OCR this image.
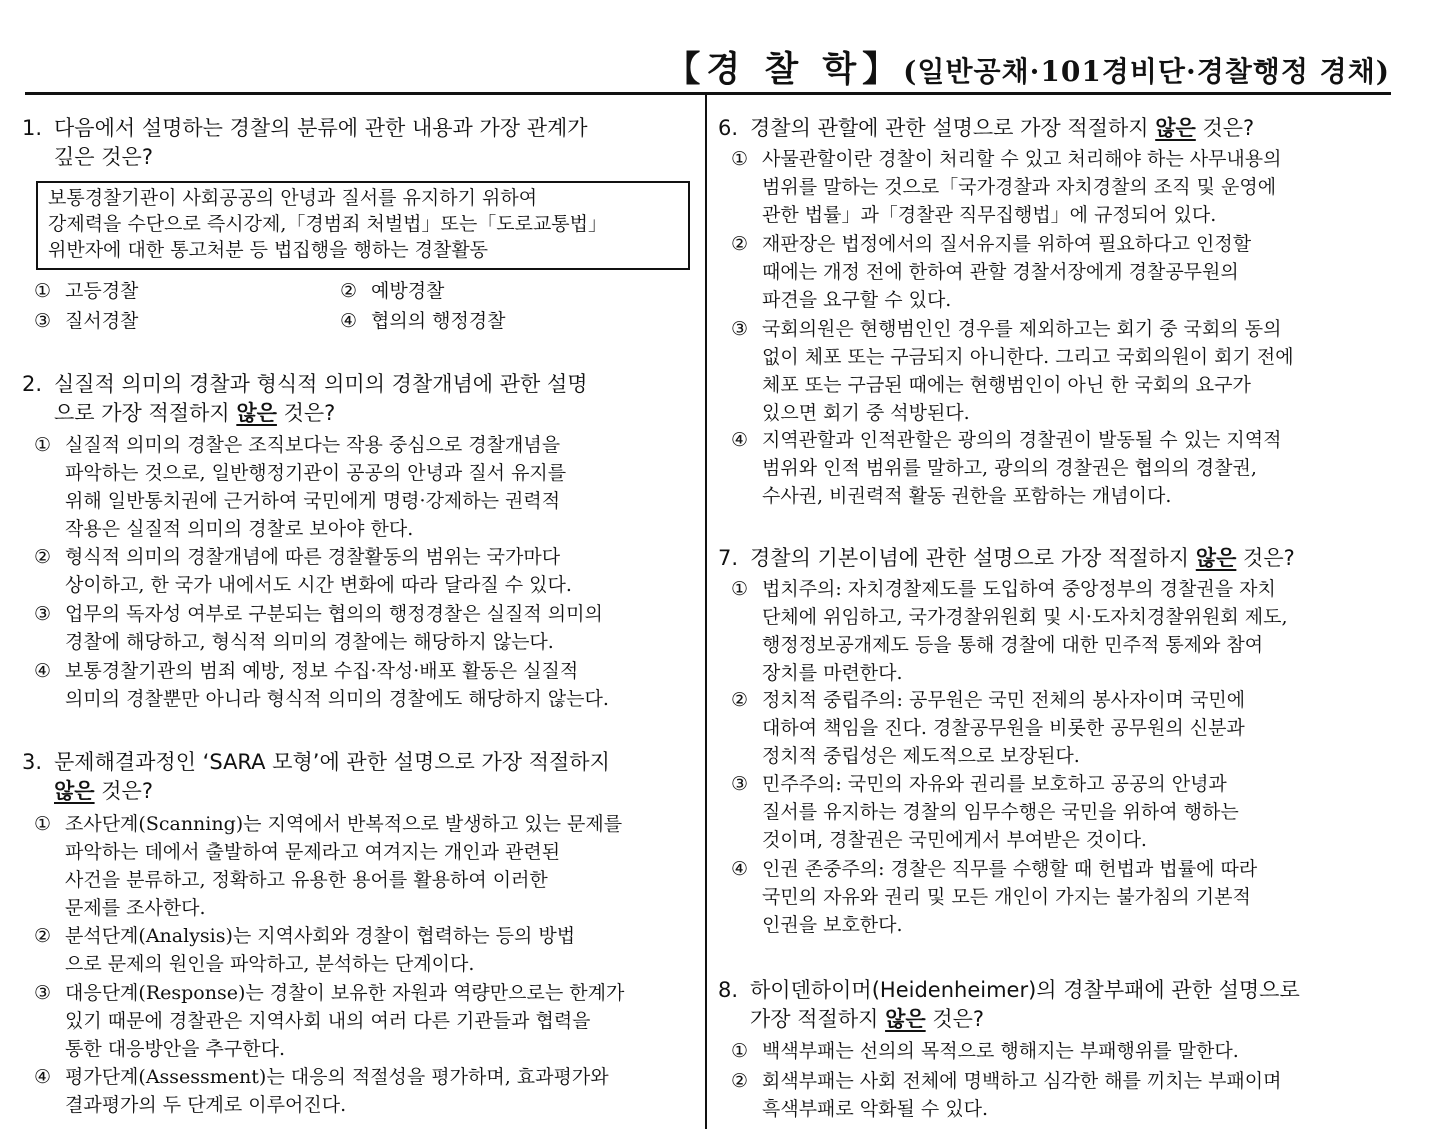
【경 찰 학】(일반공채·101경비단·경찰행정 경채)
1. 다음에서 설명하는 경찰의 분류에 관한 내용과 가장 관계가
깊은 것은?
보통경찰기관이 사회공공의 안녕과 질서를 유지하기 위하여
강제력을 수단으로 즉시강제,「경범죄 처벌법」또는「도로교통법」
위반자에 대한 통고처분 등 법집행을 행하는 경찰활동
① 고등경찰	② 예방경찰
③ 질서경찰	④ 협의의 행정경찰
2. 실질적 의미의 경찰과 형식적 의미의 경찰개념에 관한 설명
으로 가장 적절하지 않은 것은?
① 실질적 의미의 경찰은 조직보다는 작용 중심으로 경찰개념을
파악하는 것으로, 일반행정기관이 공공의 안녕과 질서 유지를
위해 일반통치권에 근거하여 국민에게 명령·강제하는 권력적
작용은 실질적 의미의 경찰로 보아야 한다.
② 형식적 의미의 경찰개념에 따른 경찰활동의 범위는 국가마다
상이하고, 한 국가 내에서도 시간 변화에 따라 달라질 수 있다.
③ 업무의 독자성 여부로 구분되는 협의의 행정경찰은 실질적 의미의
경찰에 해당하고, 형식적 의미의 경찰에는 해당하지 않는다.
④ 보통경찰기관의 범죄 예방, 정보 수집·작성·배포 활동은 실질적
의미의 경찰뿐만 아니라 형식적 의미의 경찰에도 해당하지 않는다.
3. 문제해결과정인 ‘SARA 모형’에 관한 설명으로 가장 적절하지
않은 것은?
① 조사단계(Scanning)는 지역에서 반복적으로 발생하고 있는 문제를
파악하는 데에서 출발하여 문제라고 여겨지는 개인과 관련된
사건을 분류하고, 정확하고 유용한 용어를 활용하여 이러한
문제를 조사한다.
② 분석단계(Analysis)는 지역사회와 경찰이 협력하는 등의 방법
으로 문제의 원인을 파악하고, 분석하는 단계이다.
③ 대응단계(Response)는 경찰이 보유한 자원과 역량만으로는 한계가
있기 때문에 경찰관은 지역사회 내의 여러 다른 기관들과 협력을
통한 대응방안을 추구한다.
④ 평가단계(Assessment)는 대응의 적절성을 평가하며, 효과평가와
결과평가의 두 단계로 이루어진다.
6. 경찰의 관할에 관한 설명으로 가장 적절하지 않은 것은?
① 사물관할이란 경찰이 처리할 수 있고 처리해야 하는 사무내용의
범위를 말하는 것으로「국가경찰과 자치경찰의 조직 및 운영에
관한 법률」과「경찰관 직무집행법」에 규정되어 있다.
② 재판장은 법정에서의 질서유지를 위하여 필요하다고 인정할
때에는 개정 전에 한하여 관할 경찰서장에게 경찰공무원의
파견을 요구할 수 있다.
③ 국회의원은 현행범인인 경우를 제외하고는 회기 중 국회의 동의
없이 체포 또는 구금되지 아니한다. 그리고 국회의원이 회기 전에
체포 또는 구금된 때에는 현행범인이 아닌 한 국회의 요구가
있으면 회기 중 석방된다.
④ 지역관할과 인적관할은 광의의 경찰권이 발동될 수 있는 지역적
범위와 인적 범위를 말하고, 광의의 경찰권은 협의의 경찰권,
수사권, 비권력적 활동 권한을 포함하는 개념이다.
7. 경찰의 기본이념에 관한 설명으로 가장 적절하지 않은 것은?
① 법치주의: 자치경찰제도를 도입하여 중앙정부의 경찰권을 자치
단체에 위임하고, 국가경찰위원회 및 시·도자치경찰위원회 제도,
행정정보공개제도 등을 통해 경찰에 대한 민주적 통제와 참여
장치를 마련한다.
② 정치적 중립주의: 공무원은 국민 전체의 봉사자이며 국민에
대하여 책임을 진다. 경찰공무원을 비롯한 공무원의 신분과
정치적 중립성은 제도적으로 보장된다.
③ 민주주의: 국민의 자유와 권리를 보호하고 공공의 안녕과
질서를 유지하는 경찰의 임무수행은 국민을 위하여 행하는
것이며, 경찰권은 국민에게서 부여받은 것이다.
④ 인권 존중주의: 경찰은 직무를 수행할 때 헌법과 법률에 따라
국민의 자유와 권리 및 모든 개인이 가지는 불가침의 기본적
인권을 보호한다.
8. 하이덴하이머(Heidenheimer)의 경찰부패에 관한 설명으로
가장 적절하지 않은 것은?
① 백색부패는 선의의 목적으로 행해지는 부패행위를 말한다.
② 회색부패는 사회 전체에 명백하고 심각한 해를 끼치는 부패이며
흑색부패로 악화될 수 있다.
